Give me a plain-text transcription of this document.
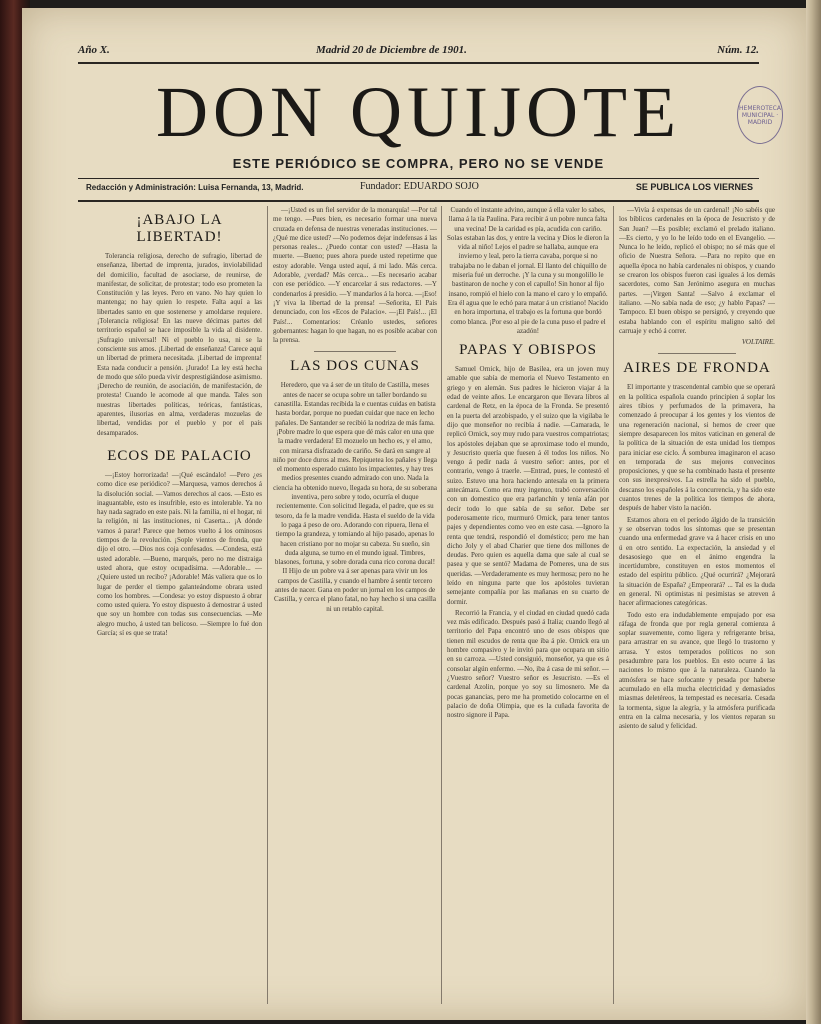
Año X.	Madrid 20 de Diciembre de 1901.	Núm. 12.
DON QUIJOTE	HEMEROTECA MUNICIPAL · MADRID
ESTE PERIÓDICO SE COMPRA, PERO NO SE VENDE
Redacción y Administración: Luisa Fernanda, 13, Madrid.	Fundador: EDUARDO SOJO	SE PUBLICA LOS VIERNES
¡ABAJO LA LIBERTAD!

Tolerancia religiosa, derecho de sufragio, libertad de enseñanza, libertad de imprenta, jurados, inviolabilidad del domicilio, facultad de asociarse, de reunirse, de manifestar, de solicitar, de protestar; todo eso prometen la Constitución y las leyes. Pero en vano. No hay quien lo mantenga; no hay quien lo respete. Falta aquí a las libertades santo en que sostenerse y amoldarse requiere. ¡Tolerancia religiosa! En las nueve décimas partes del territorio español se hace imposible la vida al disidente. ¡Sufragio universal! Ni el pueblo lo usa, ni se la consciente sus amos. ¡Libertad de enseñanza! Carece aquí un libertad de primera necesitada. ¡Libertad de imprenta! Esta nada conducir a pensión. ¡Jurado! La ley está hecha de modo que sólo pueda vivir desprestigiándose asimismo. ¡Derecho de reunión, de asociación, de manifestación, de protesta! Cuando le acomode al que manda. Tales son nuestras libertades políticas, teóricas, fantásticas, aparentes, ilusorias en alma, verdaderas mozuelas de libertad, vendidas por el pueblo y por el país desamparados.

ECOS DE PALACIO

—¡Estoy horrorizada! —¡Qué escándalo! —Pero ¿es como dice ese periódico? —Marquesa, vamos derechos á la disolución social. —Vamos derechos al caos. —Esto es inaguantable, esto es insufrible, esto es intolerable. Ya no hay nada sagrado en este país. Ni la familia, ni el hogar, ni la religión, ni las instituciones, ni Caserta... ¡A dónde vamos á parar! Parece que hemos vuelto á los ominosos tiempos de la revolución. ¡Sople vientos de fronda, que dijo el otro. —Dios nos coja confesados. —Condesa, está usted adorable. —Bueno, marqués, pero no me distraiga usted ahora, que estoy ocupadísima. —Adorable... —¿Quiere usted un recibo? ¡Adorable! Más valiera que os lo lugar de perder el tiempo galanteándome obrara usted como los hombres. —Condesa: yo estoy dispuesto á obrar como usted quiera. Yo estoy dispuesto á demostrar á usted que soy un hombre con todas sus consecuencias. —Me alegro mucho, á usted tan belicoso. —Siempre lo fué don García; sí es que se trata!

—¡Usted es un fiel servidor de la monarquía! —Por tal me tengo. —Pues bien, es necesario formar una nueva cruzada en defensa de nuestras veneradas instituciones. —¿Qué me dice usted? —No podemos dejar indefensas á las personas reales... ¿Puedo contar con usted? —Hasta la muerte. —Bueno; pues ahora puede usted repetirme que estoy adorable. Venga usted aquí, á mi lado. Más cerca. Adorable, ¿verdad? Más cerca... —Es necesario acabar con ese periódico. —Y encarcelar á sus redactores. —Y condenarlos á presidio. —Y mandarlos á la horca. —¡Eso! ¡Y viva la libertad de la prensa! —Señorita, El País denunciado, con los «Ecos de Palacio». —¡El País!... ¡El País!... Comentarios: Créanlo ustedes, señores gobernantes: hagan lo que hagan, no es posible acabar con la prensa.

LAS DOS CUNAS

Heredero, que va á ser de un título de Castilla, meses antes de nacer se ocupa sobre un taller bordando su canastilla. Estandas recibida la e cuentas cuidas en batista hasta bordar, porque no puedan cuidar que nace en lecho pañales. De Santander se recibió la nodriza de más fama. ¡Pobre madre lo que espera que dé más calor en una que la madre verdadera! El mozuelo un hecho es, y el amo, con mirarsa disfrazado de cariño. Se dará en sangre al niño por doce duros al mes. Repiquetea los pañales y llega el momento esperado cuánto los impacientes, y hay tres medios presentes cuando admirado con uno. Nada la ciencia ha obtenido nuevo, llegada su hora, de su soberana inventiva, pero sobre y todo, ocurría el duque recientemente. Con solicitud llegada, el padre, que es su tesoro, da fe la madre vendida. Hasta el sueldo de la vida lo paga á peso de oro. Adorando con ripuera, llena el tiempo la grandeza, y tomiando al hijo pasado, apenas lo hacen cristiano por no mojar su cabeza. Su sueño, sin duda alguna, se turno en el mundo igual. Timbres, blasones, fortuna, y sobre dorada cuna rico corona ducal! II Hijo de un pobre va á ser apenas para vivir un los campos de Castilla, y cuando el hambre á sentir tercero antes de nacer. Gana en poder un jornal en los campos de Castilla, y cerca el plano fatal, no hay hecho si una casilla ni un retablo capital.

Cuando el instante advino, aunque á ella valer lo sabes, llama á la tía Paulina. Para recibir á un pobre nunca falta una vecina! De la caridad es pía, acudida con cariño. Solas estaban las dos, y entre la vecina y Dios le dieron la vida al niño! Lejos el padre se hallaba, aunque era invierno y leal, pero la tierra cavaba, porque si no trabajaba no le daban el jornal. El llanto del chiquillo de miseria fué un derroche. ¡Y la cuna y su mongolillo le bastinaron de noche y con el capullo! Sin honor al fijo insano, rompió el hielo con la mano el caro y lo empañó. Era él agua que le echó para matar á un cristiano! Nacido en hora importuna, el trabajo es la fortuna que bordó como blanca. ¡Por eso al pie de la cuna puso el padre el azadón!

PAPAS Y OBISPOS

Samuel Ornick, hijo de Basilea, era un joven muy amable que sabía de memoria el Nuevo Testamento en griego y en alemán. Sus padres le hicieron viajar á la edad de veinte años. Le encargaron que llevara libros al cardenal de Retz, en la época de la Fronda. Se presentó en la puerta del arzobispado, y el suizo que la vigilaba le dijo que monseñor no recibía á nadie. —Camarada, le replicó Ornick, soy muy rudo para vuestros compatriotas; los apóstoles dejaban que se aproximase todo el mundo, y Jesucristo quería que fuesen á él todos los niños. No vengo á pedir nada á vuestro señor: antes, por el contrario, vengo á traerle. —Entrad, pues, le contestó el suizo. Estuvo una hora haciendo antesala en la primera antecámara. Como era muy ingenuo, trabó conversación con un domestico que era parlanchín y tenía afán por decir todo lo que sabía de su señor. Debe ser poderosamente rico, murmuró Ornick, para tener tantos pajes y dependientes como veo en este casa. —Ignoro la renta que tendrá, respondió el doméstico; pero me han dicho Joly y el abad Charier que tiene dos millones de deudas. Pero quien es aquella dama que sale al cual se pasea y que se sentó? Madama de Pomeres, una de sus queridas. —Verdaderamente es muy hermosa; pero no he leído en ninguna parte que los apóstoles tuvieran semejante compañía por las mañanas en su cuarto de dormir.

Recorrió la Francia, y el ciudad en ciudad quedó cada vez más edificado. Después pasó á Italia; cuando llegó al territorio del Papa encontró uno de esos obispos que tienen mil escudos de renta que iba á pie. Ornick era un hombre compasivo y le invitó para que ocupara un sitio en su carroza. —Usted consiguió, monseñor, ya que es á consolar algún enfermo. —No, iba á casa de mi señor. —¿Vuestro señor? Vuestro señor es Jesucristo. —Es el cardenal Azolin, porque yo soy su limosnero. Me da pocas ganancias, pero me ha prometido colocarme en el palacio de doña Olimpia, que es la cuñada favorita de nostro signore il Papa.

—Vivía á expensas de un cardenal! ¡No sabéis que los bíblicos cardenales en la época de Jesucristo y de San Juan? —Es posible; exclamó el prelado italiano. —Es cierto, y yo lo he leído todo en el Evangelio. —Nunca lo he leído, replicó el obispo; no sé más que el oficio de Nuestra Señora. —Para no repito que en aquella época no había cardenales ni obispos, y cuando se crearon los obispos fueron casi iguales á los demás sacerdotes, como San Jerónimo asegura en muchas partes. —¡Virgen Santa! —Salvo á exclamar el italiano. —No sabía nada de eso; ¿y hablo Papas? —Tampoco. El buen obispo se persignó, y creyendo que estaba hablando con el espíritu maligno saltó del carruaje y echó á correr.

VOLTAIRE.

AIRES DE FRONDA

El importante y trascendental cambio que se operará en la política española cuando principien á soplar los aires tibios y perfumados de la primavera, ha comenzado á preocupar á los gentes y los vientos de una regeneración nacional, si hemos de creer que siempre desaparecen los mitos vaticinan en general de la política de la situación de esta unidad los tiempos para iniciar ese ciclo. Á somburea imaginaron el acaso en temporada de sus mejores convecinos proposiciones, y que se ha combinado hasta el presente con sus inexpresivos. La estrella ha sido el pueblo, descanso los españoles á la concurrencia, y ha sido este cuantos trenes de la política los tiempos de ahora, después de haber visto la nación.

Estamos ahora en el período álgido de la transición y se observan todos los síntomas que se presentan cuando una enfermedad grave va á hacer crisis en uno ú en otro sentido. La expectación, la ansiedad y el desasosiego que en el ánimo engendra la incertidumbre, constituyen en estos momentos el estado del espíritu público. ¿Qué ocurrirá? ¿Mejorará la situación de España? ¿Empeorará? ... Tal es la duda en general. Ni optimistas ni pesimistas se atreven á hacer afirmaciones categóricas.

Todo esto era indudablemente empujado por esa ráfaga de fronda que por regla general comienza á soplar suavemente, como ligera y refrigerante brisa, para arrastrar en su avance, que llegó lo trastorno y arrasa. Y estos temperados políticos no son pesadumbre para los pueblos. En esto ocurre á las naciones lo mismo que á la naturaleza. Cuando la atmósfera se hace sofocante y pesada por haberse acumulado en ella mucha electricidad y demasiados miasmas deletéreos, la tempestad es necesaria. Cesada la tormenta, sigue la alegría, y la atmósfera purificada entra en la calma necesaria, y los vientos reparan su asiento de salud y felicidad.
